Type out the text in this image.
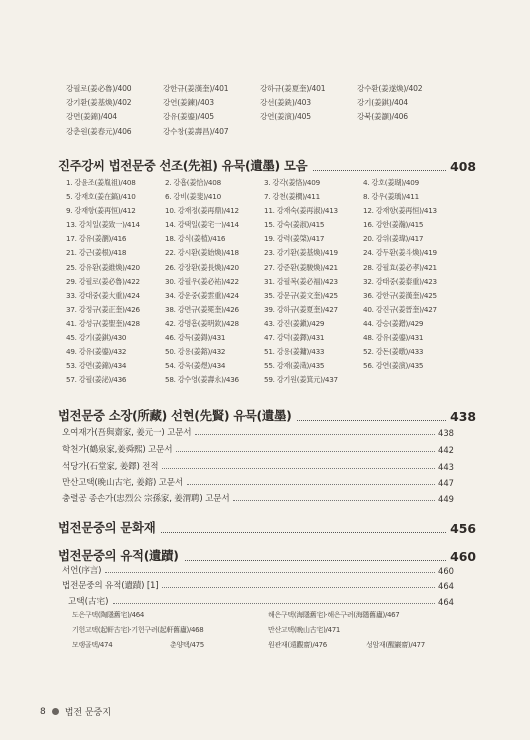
강필로(姜必魯)/400	강한규(姜漢奎)/401	강하규(姜夏奎)/401	강수환(姜遂煥)/402
강기환(姜基煥)/402	강연(姜鍊)/403	강선(姜銑)/403	강기(姜錤)/404
강면(姜錦)/404	강유(姜鎏)/405	강연(姜演)/405	강북(姜灝)/406
강춘원(姜春元)/406	강수창(姜壽昌)/407
진주강씨 법전문중 선조(先祖) 유묵(遺墨) 모음	408
1. 강윤조(姜胤祖)/408	2. 강흡(姜恰)/408	3. 강각(姜恪)/409	4. 강호(姜瑚)/409
5. 강재호(姜在鎬)/410	6. 강비(姜斐)/410	7. 강천(姜橍)/411	8. 강우(姜瑀)/411
9. 강재항(姜再恒)/412	10. 강재정(姜再鼎)/412	11. 강재숙(姜再淑)/413	12. 강재항(姜再恒)/413
13. 강치일(姜致一)/414	14. 강택일(姜宅一)/414	15. 강숙(姜淑)/415	16. 강한(姜瀚)/415
17. 강유(姜瀏)/416	18. 강식(姜植)/416	19. 강력(姜棨)/417	20. 강위(姜瑋)/417
21. 강근(姜根)/418	22. 강시환(姜始煥)/418	23. 강기환(姜基煥)/419	24. 강두환(姜斗煥)/419
25. 강유환(姜維煥)/420	26. 강장환(姜長煥)/420	27. 강준환(姜駿煥)/421	28. 강필효(姜必孝)/421
29. 강필로(姜必魯)/422	30. 강필우(姜必祐)/422	31. 강필복(姜必福)/423	32. 강태중(姜泰重)/423
33. 강대중(姜大重)/424	34. 강운중(姜雲重)/424	35. 강문규(姜文奎)/425	36. 강한규(姜漢奎)/425
37. 강정규(姜正奎)/426	38. 강면규(姜冕奎)/426	39. 강하규(姜夏奎)/427	40. 강진규(姜晉奎)/427
41. 강성규(姜聖奎)/428	42. 강명흠(姜明欽)/428	43. 강진(姜鎭)/429	44. 강승(姜鏳)/429
45. 강기(姜錤)/430	46. 강득(姜鍀)/431	47. 강덕(姜鐸)/431	48. 강유(姜鎏)/431
49. 강유(姜鎏)/432	50. 강용(姜鎔)/432	51. 강용(姜鏞)/433	52. 강돈(姜暾)/433
53. 강면(姜錦)/434	54. 강욱(姜煜)/434	55. 강재(姜渽)/435	56. 강연(姜演)/435
57. 강필(姜泌)/436	58. 강수영(姜壽永)/436	59. 강기원(姜箕元)/437
법전문중 소장(所藏) 선현(先賢) 유묵(遺墨)	438
오여재가(吾與齋家, 姜元一) 고문서	438
학천가(鶴泉家,姜舜熙) 고문서	442
석당가(石堂家, 姜鐸) 전적	443
만산고택(晩山古宅, 姜鎔) 고문서	447
충렬공 종손가(忠烈公 宗孫家, 姜渭聘) 고문서	449
법전문중의 문화재	456
법전문중의 유적(遺蹟)	460
서언(序言)	460
법전문중의 유적(遺蹟) [1]	464
고택(古宅)	464
도은구택(陶隱舊宅)/464	해은구택(海隱舊宅)·해은구려(海隱舊廬)/467
기헌고택(起軒古宅)·기헌구려(起軒舊廬)/468	만산고택(晩山古宅)/471
모랭골택/474	춘양택/475	원관재(遠觀齋)/476	성암재(醒巖齋)/477
8 법전 문중지
